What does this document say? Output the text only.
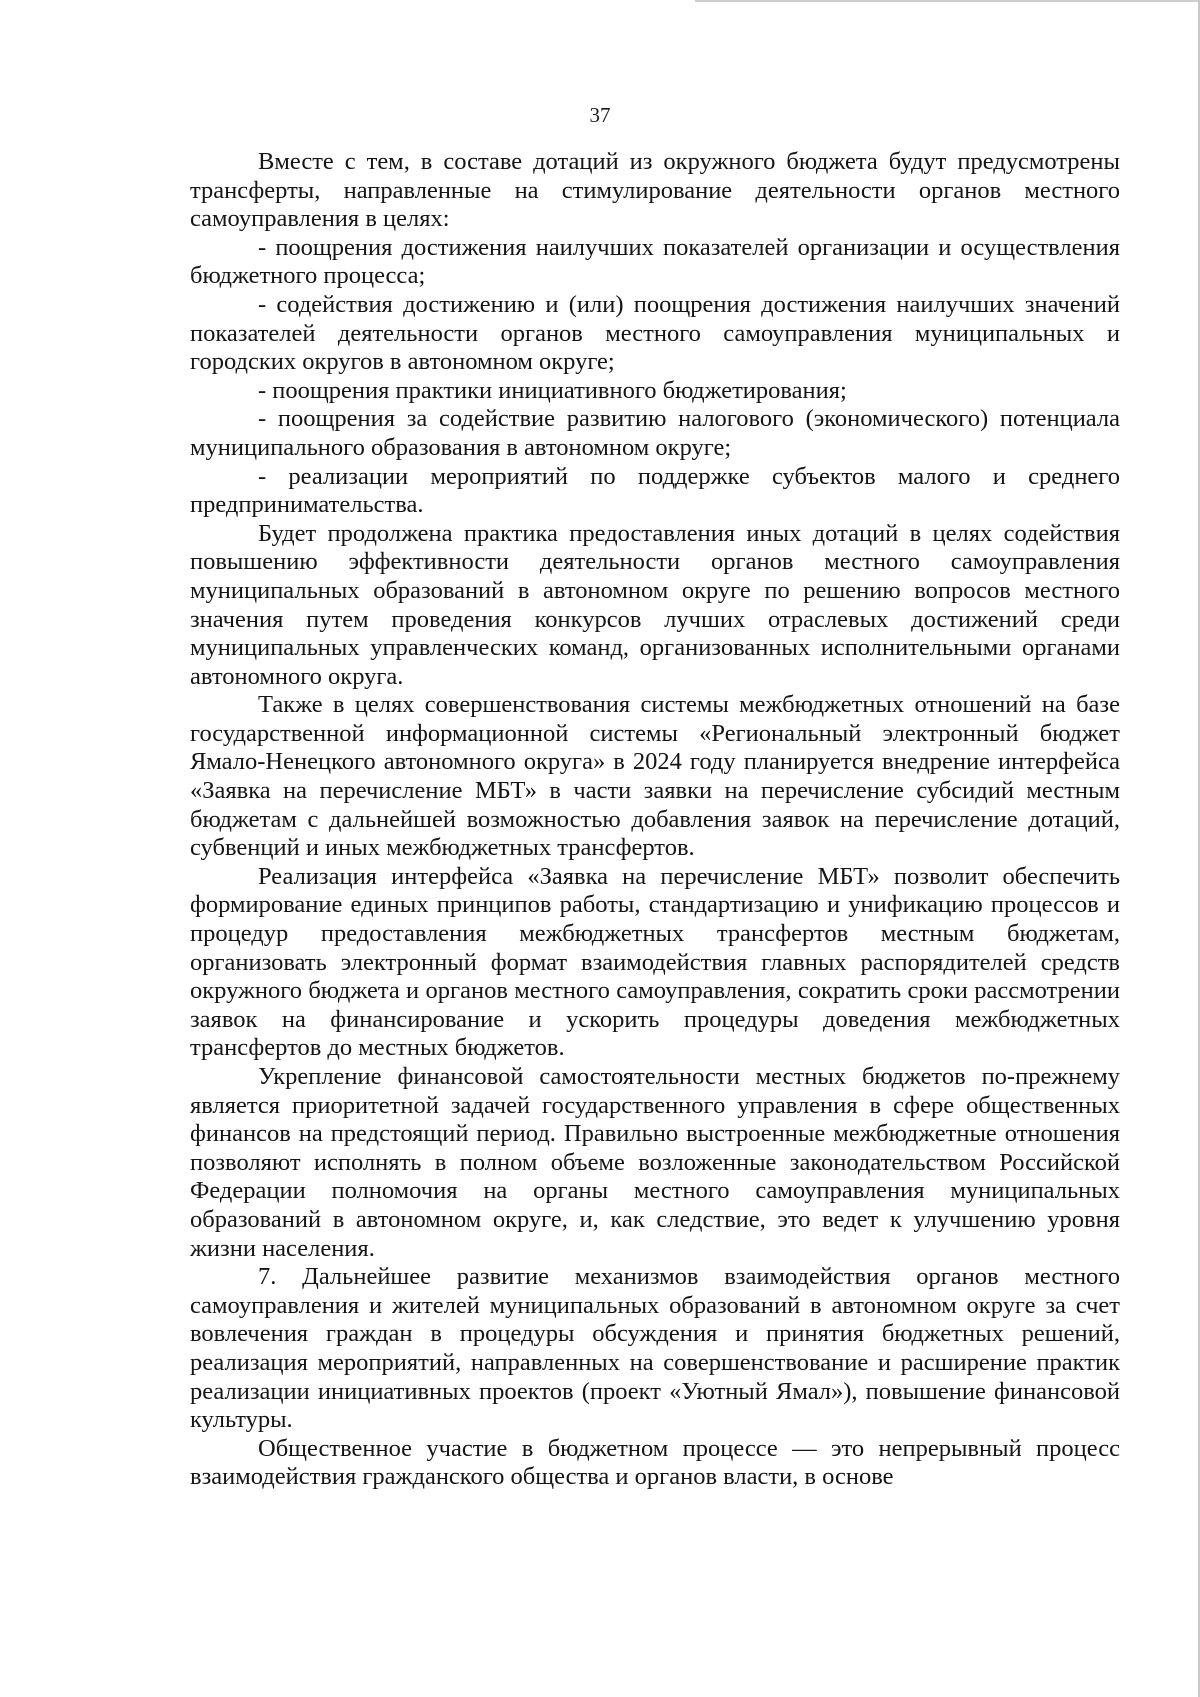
37

Вместе с тем, в составе дотаций из окружного бюджета будут предусмотрены трансферты, направленные на стимулирование деятельности органов местного самоуправления в целях:

- поощрения достижения наилучших показателей организации и осуществления бюджетного процесса;

- содействия достижению и (или) поощрения достижения наилучших значений показателей деятельности органов местного самоуправления муниципальных и городских округов в автономном округе;

- поощрения практики инициативного бюджетирования;

- поощрения за содействие развитию налогового (экономического) потенциала муниципального образования в автономном округе;

- реализации мероприятий по поддержке субъектов малого и среднего предпринимательства.

Будет продолжена практика предоставления иных дотаций в целях содействия повышению эффективности деятельности органов местного самоуправления муниципальных образований в автономном округе по решению вопросов местного значения путем проведения конкурсов лучших отраслевых достижений среди муниципальных управленческих команд, организованных исполнительными органами автономного округа.

Также в целях совершенствования системы межбюджетных отношений на базе государственной информационной системы «Региональный электронный бюджет Ямало-Ненецкого автономного округа» в 2024 году планируется внедрение интерфейса «Заявка на перечисление МБТ» в части заявки на перечисление субсидий местным бюджетам с дальнейшей возможностью добавления заявок на перечисление дотаций, субвенций и иных межбюджетных трансфертов.

Реализация интерфейса «Заявка на перечисление МБТ» позволит обеспечить формирование единых принципов работы, стандартизацию и унификацию процессов и процедур предоставления межбюджетных трансфертов местным бюджетам, организовать электронный формат взаимодействия главных распорядителей средств окружного бюджета и органов местного самоуправления, сократить сроки рассмотрении заявок на финансирование и ускорить процедуры доведения межбюджетных трансфертов до местных бюджетов.

Укрепление финансовой самостоятельности местных бюджетов по-прежнему является приоритетной задачей государственного управления в сфере общественных финансов на предстоящий период. Правильно выстроенные межбюджетные отношения позволяют исполнять в полном объеме возложенные законодательством Российской Федерации полномочия на органы местного самоуправления муниципальных образований в автономном округе, и, как следствие, это ведет к улучшению уровня жизни населения.

7. Дальнейшее развитие механизмов взаимодействия органов местного самоуправления и жителей муниципальных образований в автономном округе за счет вовлечения граждан в процедуры обсуждения и принятия бюджетных решений, реализация мероприятий, направленных на совершенствование и расширение практик реализации инициативных проектов (проект «Уютный Ямал»), повышение финансовой культуры.

Общественное участие в бюджетном процессе — это непрерывный процесс взаимодействия гражданского общества и органов власти, в основе
